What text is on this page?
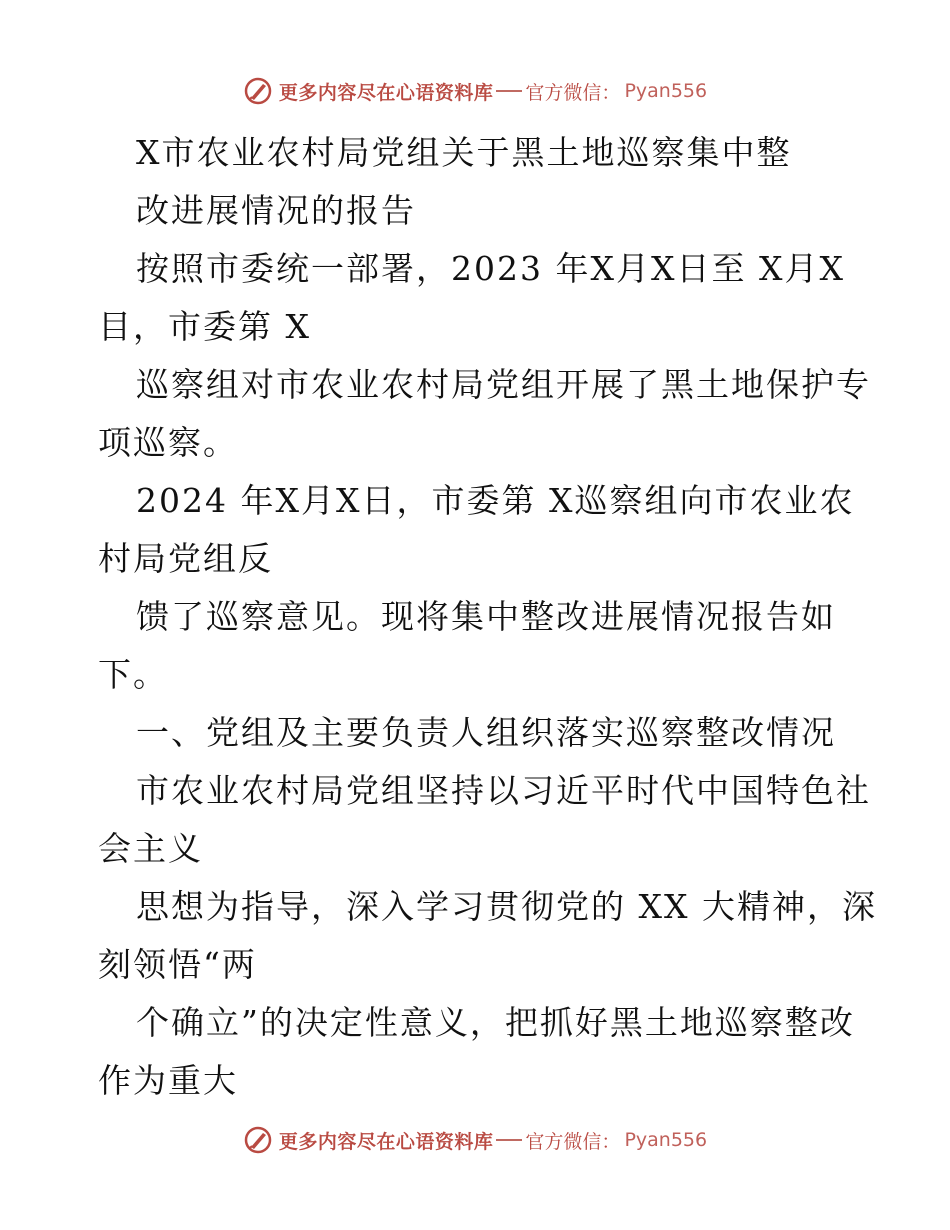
更多内容尽在心语资料库 官方微信： Pyan556
X市农业农村局党组关于黑土地巡察集中整
改进展情况的报告
按照市委统一部署，2023 年X月X日至 X月X
目，市委第 X
巡察组对市农业农村局党组开展了黑土地保护专
项巡察。
2024 年X月X日，市委第 X巡察组向市农业农
村局党组反
馈了巡察意见。现将集中整改进展情况报告如
下。
一、党组及主要负责人组织落实巡察整改情况
市农业农村局党组坚持以习近平时代中国特色社
会主义
思想为指导，深入学习贯彻党的 XX 大精神，深
刻领悟“两
个确立”的决定性意义，把抓好黑土地巡察整改
作为重大
更多内容尽在心语资料库 官方微信： Pyan556
